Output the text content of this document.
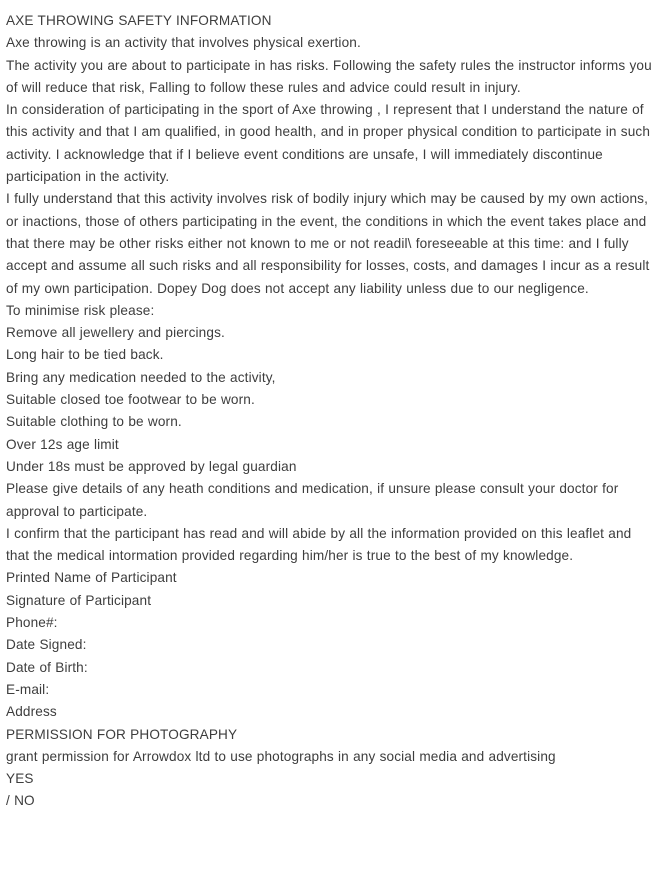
AXE THROWING SAFETY INFORMATION

Axe throwing is an activity that involves physical exertion.

The activity you are about to participate in has risks. Following the safety rules the instructor informs you of will reduce that risk, Falling to follow these rules and advice could result in injury.

In consideration of participating in the sport of Axe throwing , I represent that I understand the nature of this activity and that I am qualified, in good health, and in proper physical condition to participate in such activity. I acknowledge that if I believe event conditions are unsafe, I will immediately discontinue participation in the activity.

I fully understand that this activity involves risk of bodily injury which may be caused by my own actions, or inactions, those of others participating in the event, the conditions in which the event takes place and that there may be other risks either not known to me or not readil\ foreseeable at this time: and I fully accept and assume all such risks and all responsibility for losses, costs, and damages I incur as a result of my own participation. Dopey Dog does not accept any liability unless due to our negligence.

To minimise risk please:

Remove all jewellery and piercings.

Long hair to be tied back.

Bring any medication needed to the activity,

Suitable closed toe footwear to be worn.

Suitable clothing to be worn.

Over 12s age limit

Under 18s must be approved by legal guardian

Please give details of any heath conditions and medication, if unsure please consult your doctor for approval to participate.

I confirm that the participant has read and will abide by all the information provided on this leaflet and that the medical intormation provided regarding him/her is true to the best of my knowledge.

Printed Name of Participant

Signature of Participant

Phone#:

Date Signed:

Date of Birth:

E-mail:

Address

PERMISSION FOR PHOTOGRAPHY

grant permission for Arrowdox ltd to use photographs in any social media and advertising

YES

/ NO
